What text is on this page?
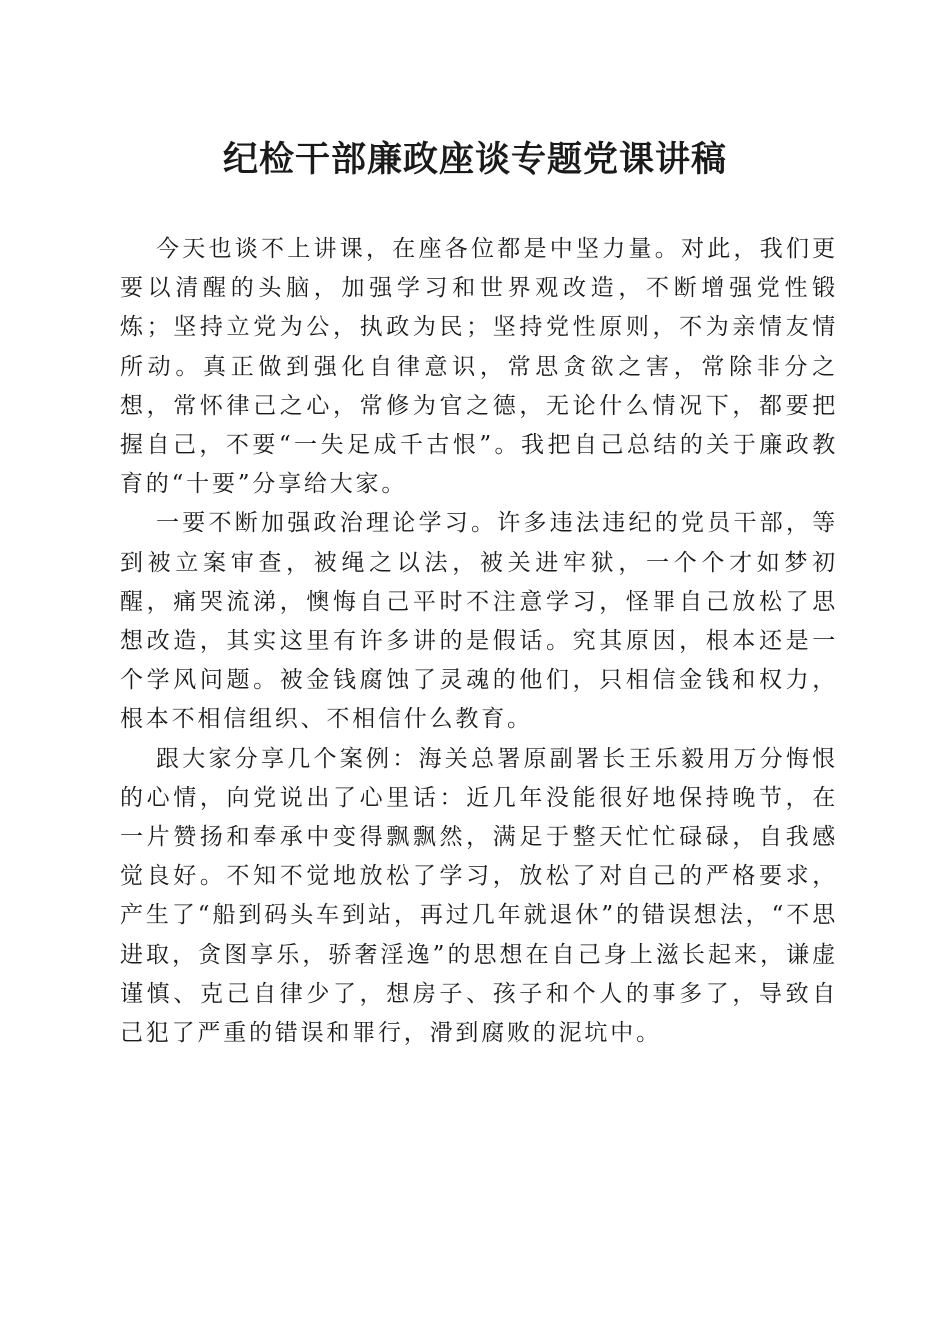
纪检干部廉政座谈专题党课讲稿

今天也谈不上讲课，在座各位都是中坚力量。对此，我们更要以清醒的头脑，加强学习和世界观改造，不断增强党性锻炼；坚持立党为公，执政为民；坚持党性原则，不为亲情友情所动。真正做到强化自律意识，常思贪欲之害，常除非分之想，常怀律己之心，常修为官之德，无论什么情况下，都要把握自己，不要“一失足成千古恨”。我把自己总结的关于廉政教育的“十要”分享给大家。

一要不断加强政治理论学习。许多违法违纪的党员干部，等到被立案审查，被绳之以法，被关进牢狱，一个个才如梦初醒，痛哭流涕，懊悔自己平时不注意学习，怪罪自己放松了思想改造，其实这里有许多讲的是假话。究其原因，根本还是一个学风问题。被金钱腐蚀了灵魂的他们，只相信金钱和权力，根本不相信组织、不相信什么教育。

跟大家分享几个案例：海关总署原副署长王乐毅用万分悔恨的心情，向党说出了心里话：近几年没能很好地保持晚节，在一片赞扬和奉承中变得飘飘然，满足于整天忙忙碌碌，自我感觉良好。不知不觉地放松了学习，放松了对自己的严格要求，产生了“船到码头车到站，再过几年就退休”的错误想法，“不思进取，贪图享乐，骄奢淫逸”的思想在自己身上滋长起来，谦虚谨慎、克己自律少了，想房子、孩子和个人的事多了，导致自己犯了严重的错误和罪行，滑到腐败的泥坑中。
